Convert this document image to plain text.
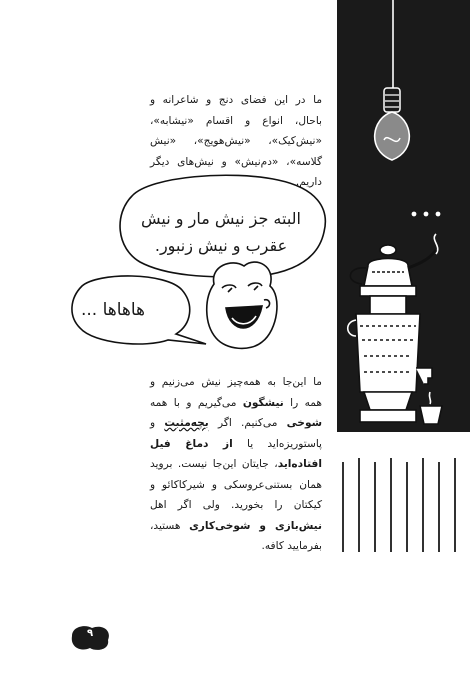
ما در این فضای دنج و شاعرانه و باحال، انواع و اقسام «نیشابه»، «نیش‌کیک»، «نیش‌هویج»، «نیش گلاسه»، «دم‌نیش» و نیش‌های دیگر داریم.

البته جز نیش مار و نیش
عقرب و نیش زنبور.
هاهاها ...

ما این‌جا به همه‌چیز نیش می‌زنیم و همه را نیشگون می‌گیریم و با همه شوخی می‌کنیم. اگر بچه‌مثبت و پاستوریزه‌اید یا از دماغ فیل افتاده‌اید، جایتان این‌جا نیست. بروید همان بستنی‌عروسکی و شیرکاکائو و کیکتان را بخورید. ولی اگر اهل نیش‌بازی و شوخی‌کاری هستید، بفرمایید کافه.

۹
